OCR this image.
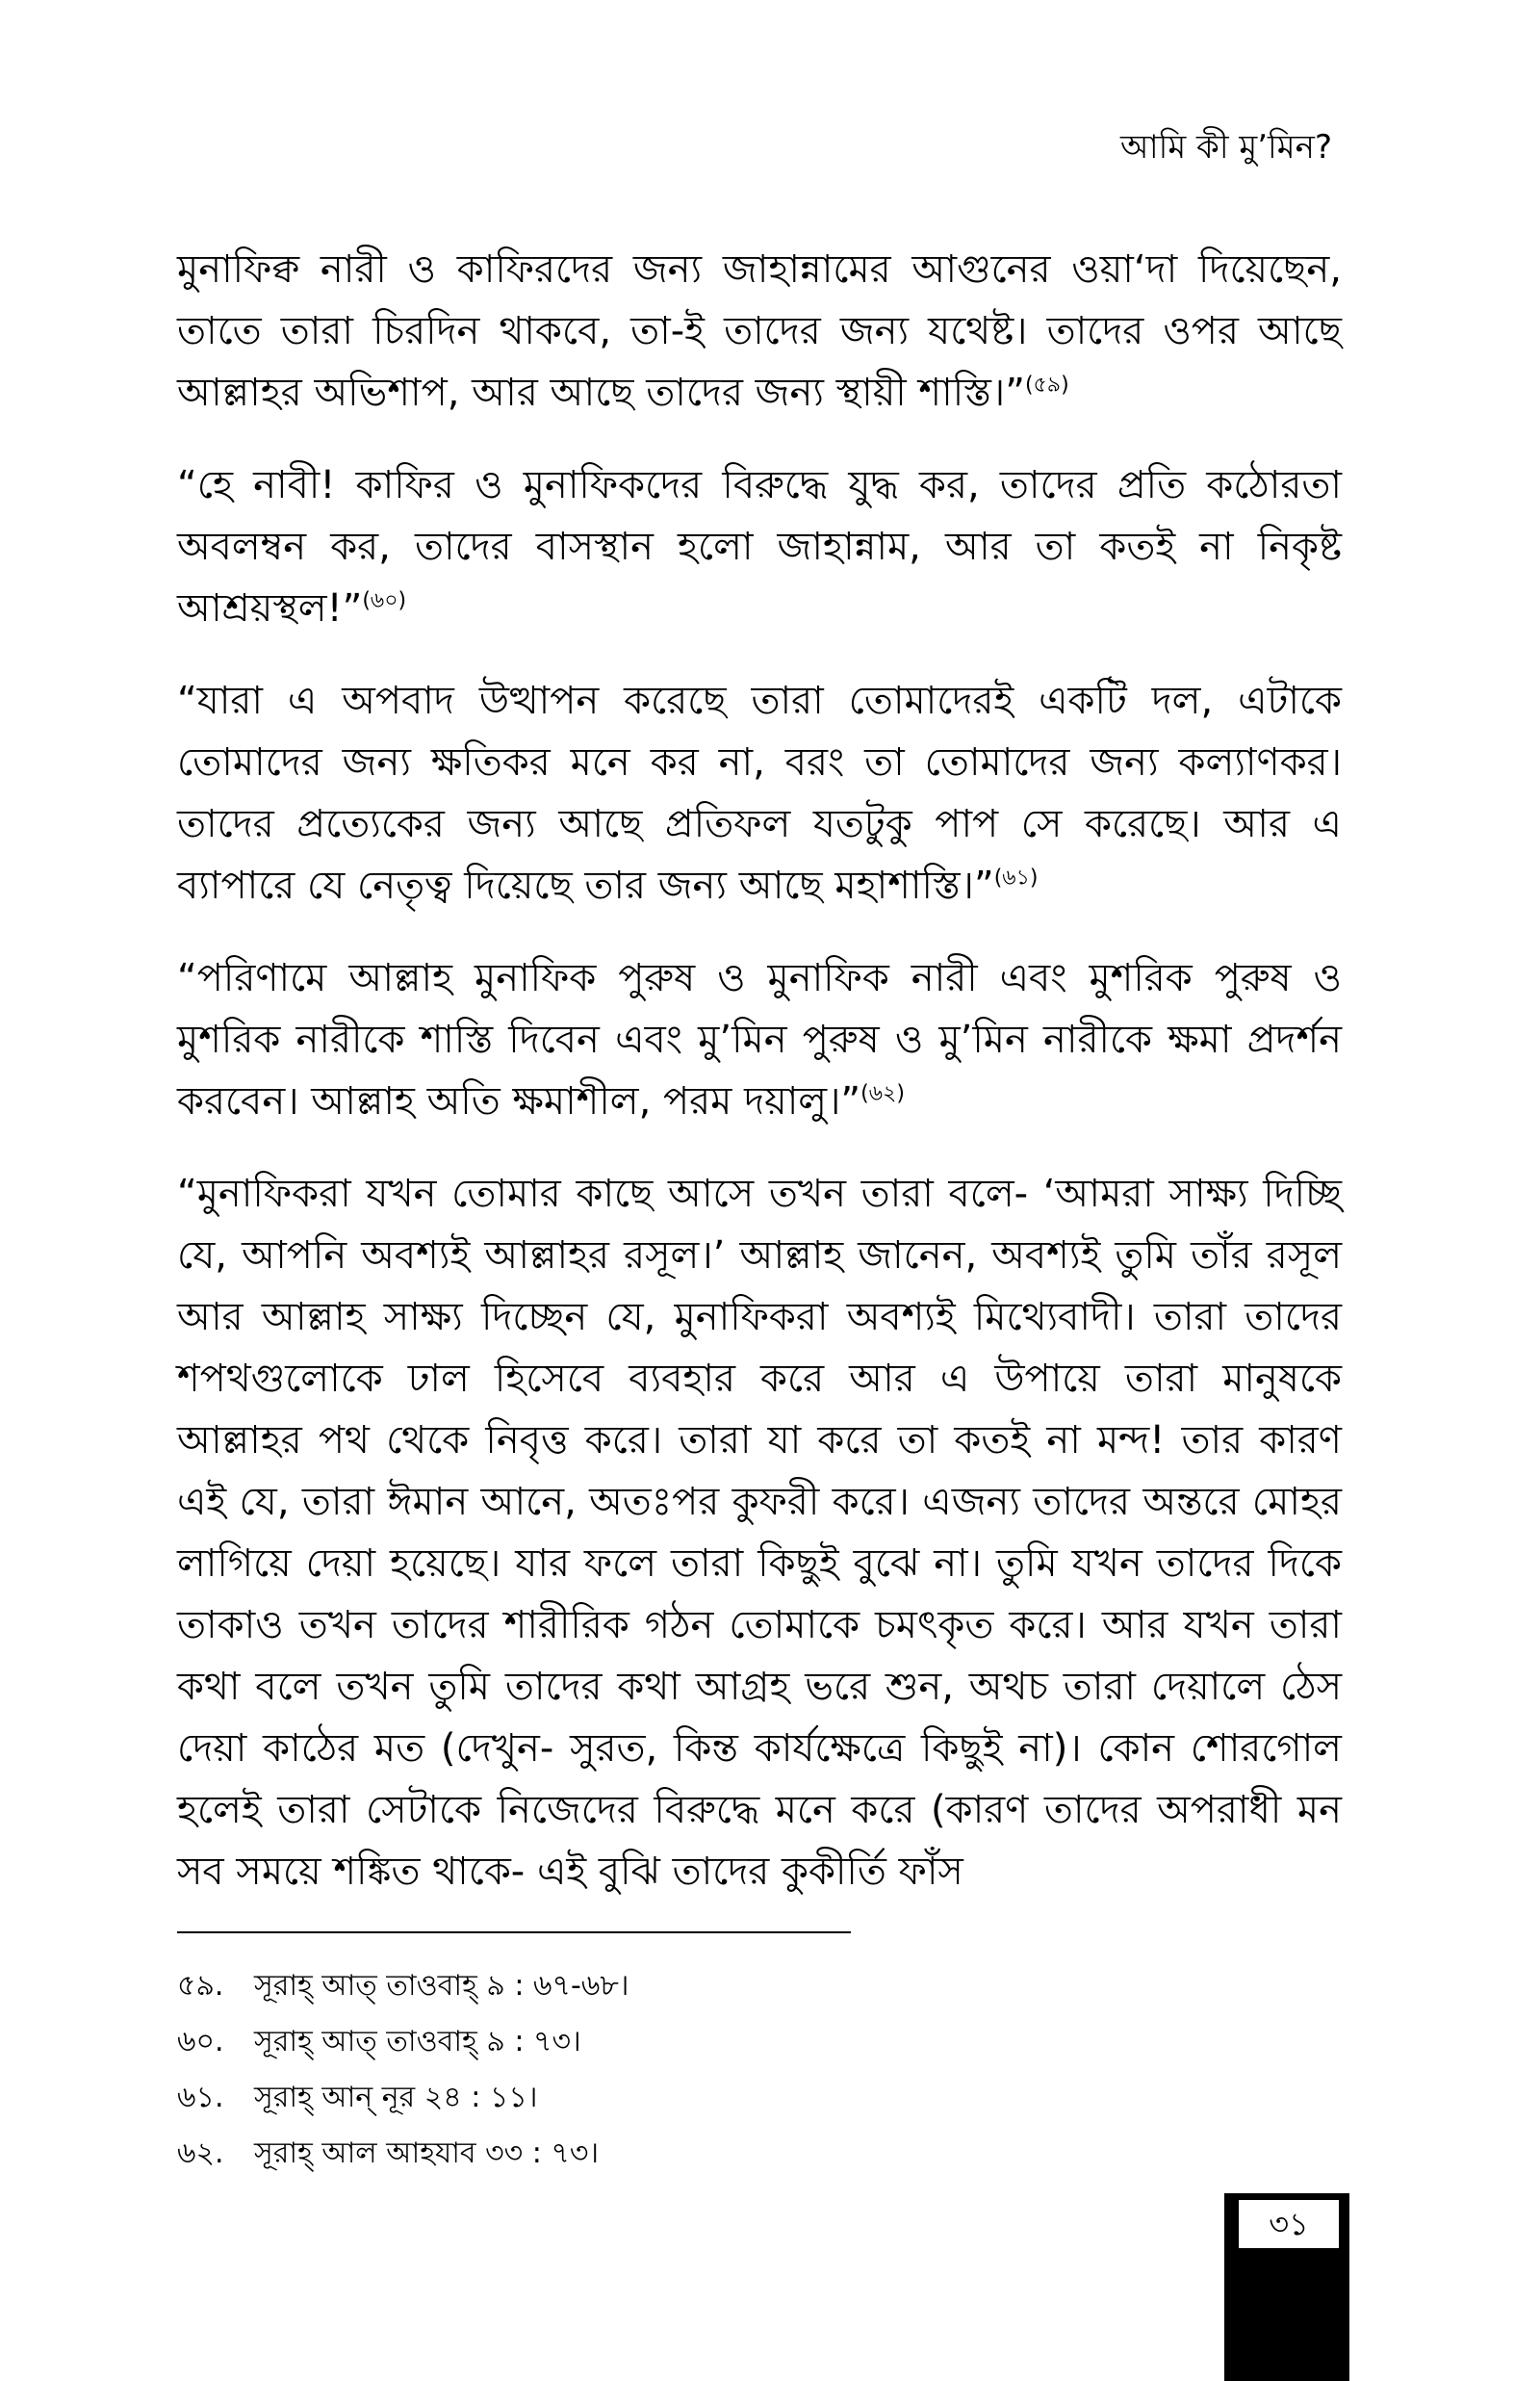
আমি কী মু’মিন?

মুনাফিক্ব নারী ও কাফিরদের জন্য জাহান্নামের আগুনের ওয়া‘দা দিয়েছেন, তাতে তারা চিরদিন থাকবে, তা-ই তাদের জন্য যথেষ্ট। তাদের ওপর আছে আল্লাহর অভিশাপ, আর আছে তাদের জন্য স্থায়ী শাস্তি।”$^{(৫৯)}$

“হে নাবী! কাফির ও মুনাফিকদের বিরুদ্ধে যুদ্ধ কর, তাদের প্রতি কঠোরতা অবলম্বন কর, তাদের বাসস্থান হলো জাহান্নাম, আর তা কতই না নিকৃষ্ট আশ্রয়স্থল!”$^{(৬০)}$

“যারা এ অপবাদ উত্থাপন করেছে তারা তোমাদেরই একটি দল, এটাকে তোমাদের জন্য ক্ষতিকর মনে কর না, বরং তা তোমাদের জন্য কল্যাণকর। তাদের প্রত্যেকের জন্য আছে প্রতিফল যতটুকু পাপ সে করেছে। আর এ ব্যাপারে যে নেতৃত্ব দিয়েছে তার জন্য আছে মহাশাস্তি।”$^{(৬১)}$

“পরিণামে আল্লাহ মুনাফিক পুরুষ ও মুনাফিক নারী এবং মুশরিক পুরুষ ও মুশরিক নারীকে শাস্তি দিবেন এবং মু’মিন পুরুষ ও মু’মিন নারীকে ক্ষমা প্রদর্শন করবেন। আল্লাহ অতি ক্ষমাশীল, পরম দয়ালু।”$^{(৬২)}$

“মুনাফিকরা যখন তোমার কাছে আসে তখন তারা বলে- ‘আমরা সাক্ষ্য দিচ্ছি যে, আপনি অবশ্যই আল্লাহর রসূল।’ আল্লাহ জানেন, অবশ্যই তুমি তাঁর রসূল আর আল্লাহ সাক্ষ্য দিচ্ছেন যে, মুনাফিকরা অবশ্যই মিথ্যেবাদী। তারা তাদের শপথগুলোকে ঢাল হিসেবে ব্যবহার করে আর এ উপায়ে তারা মানুষকে আল্লাহর পথ থেকে নিবৃত্ত করে। তারা যা করে তা কতই না মন্দ! তার কারণ এই যে, তারা ঈমান আনে, অতঃপর কুফরী করে। এজন্য তাদের অন্তরে মোহর লাগিয়ে দেয়া হয়েছে। যার ফলে তারা কিছুই বুঝে না। তুমি যখন তাদের দিকে তাকাও তখন তাদের শারীরিক গঠন তোমাকে চমৎকৃত করে। আর যখন তারা কথা বলে তখন তুমি তাদের কথা আগ্রহ ভরে শুন, অথচ তারা দেয়ালে ঠেস দেয়া কাঠের মত (দেখুন- সুরত, কিন্ত কার্যক্ষেত্রে কিছুই না)। কোন শোরগোল হলেই তারা সেটাকে নিজেদের বিরুদ্ধে মনে করে (কারণ তাদের অপরাধী মন সব সময়ে শঙ্কিত থাকে- এই বুঝি তাদের কুকীর্তি ফাঁস

৫৯.	সূরাহ্ আত্ তাওবাহ্ ৯ : ৬৭-৬৮।
৬০.	সূরাহ্ আত্ তাওবাহ্ ৯ : ৭৩।
৬১.	সূরাহ্ আন্ নূর ২৪ : ১১।
৬২.	সূরাহ্ আল আহযাব ৩৩ : ৭৩।
৩১
